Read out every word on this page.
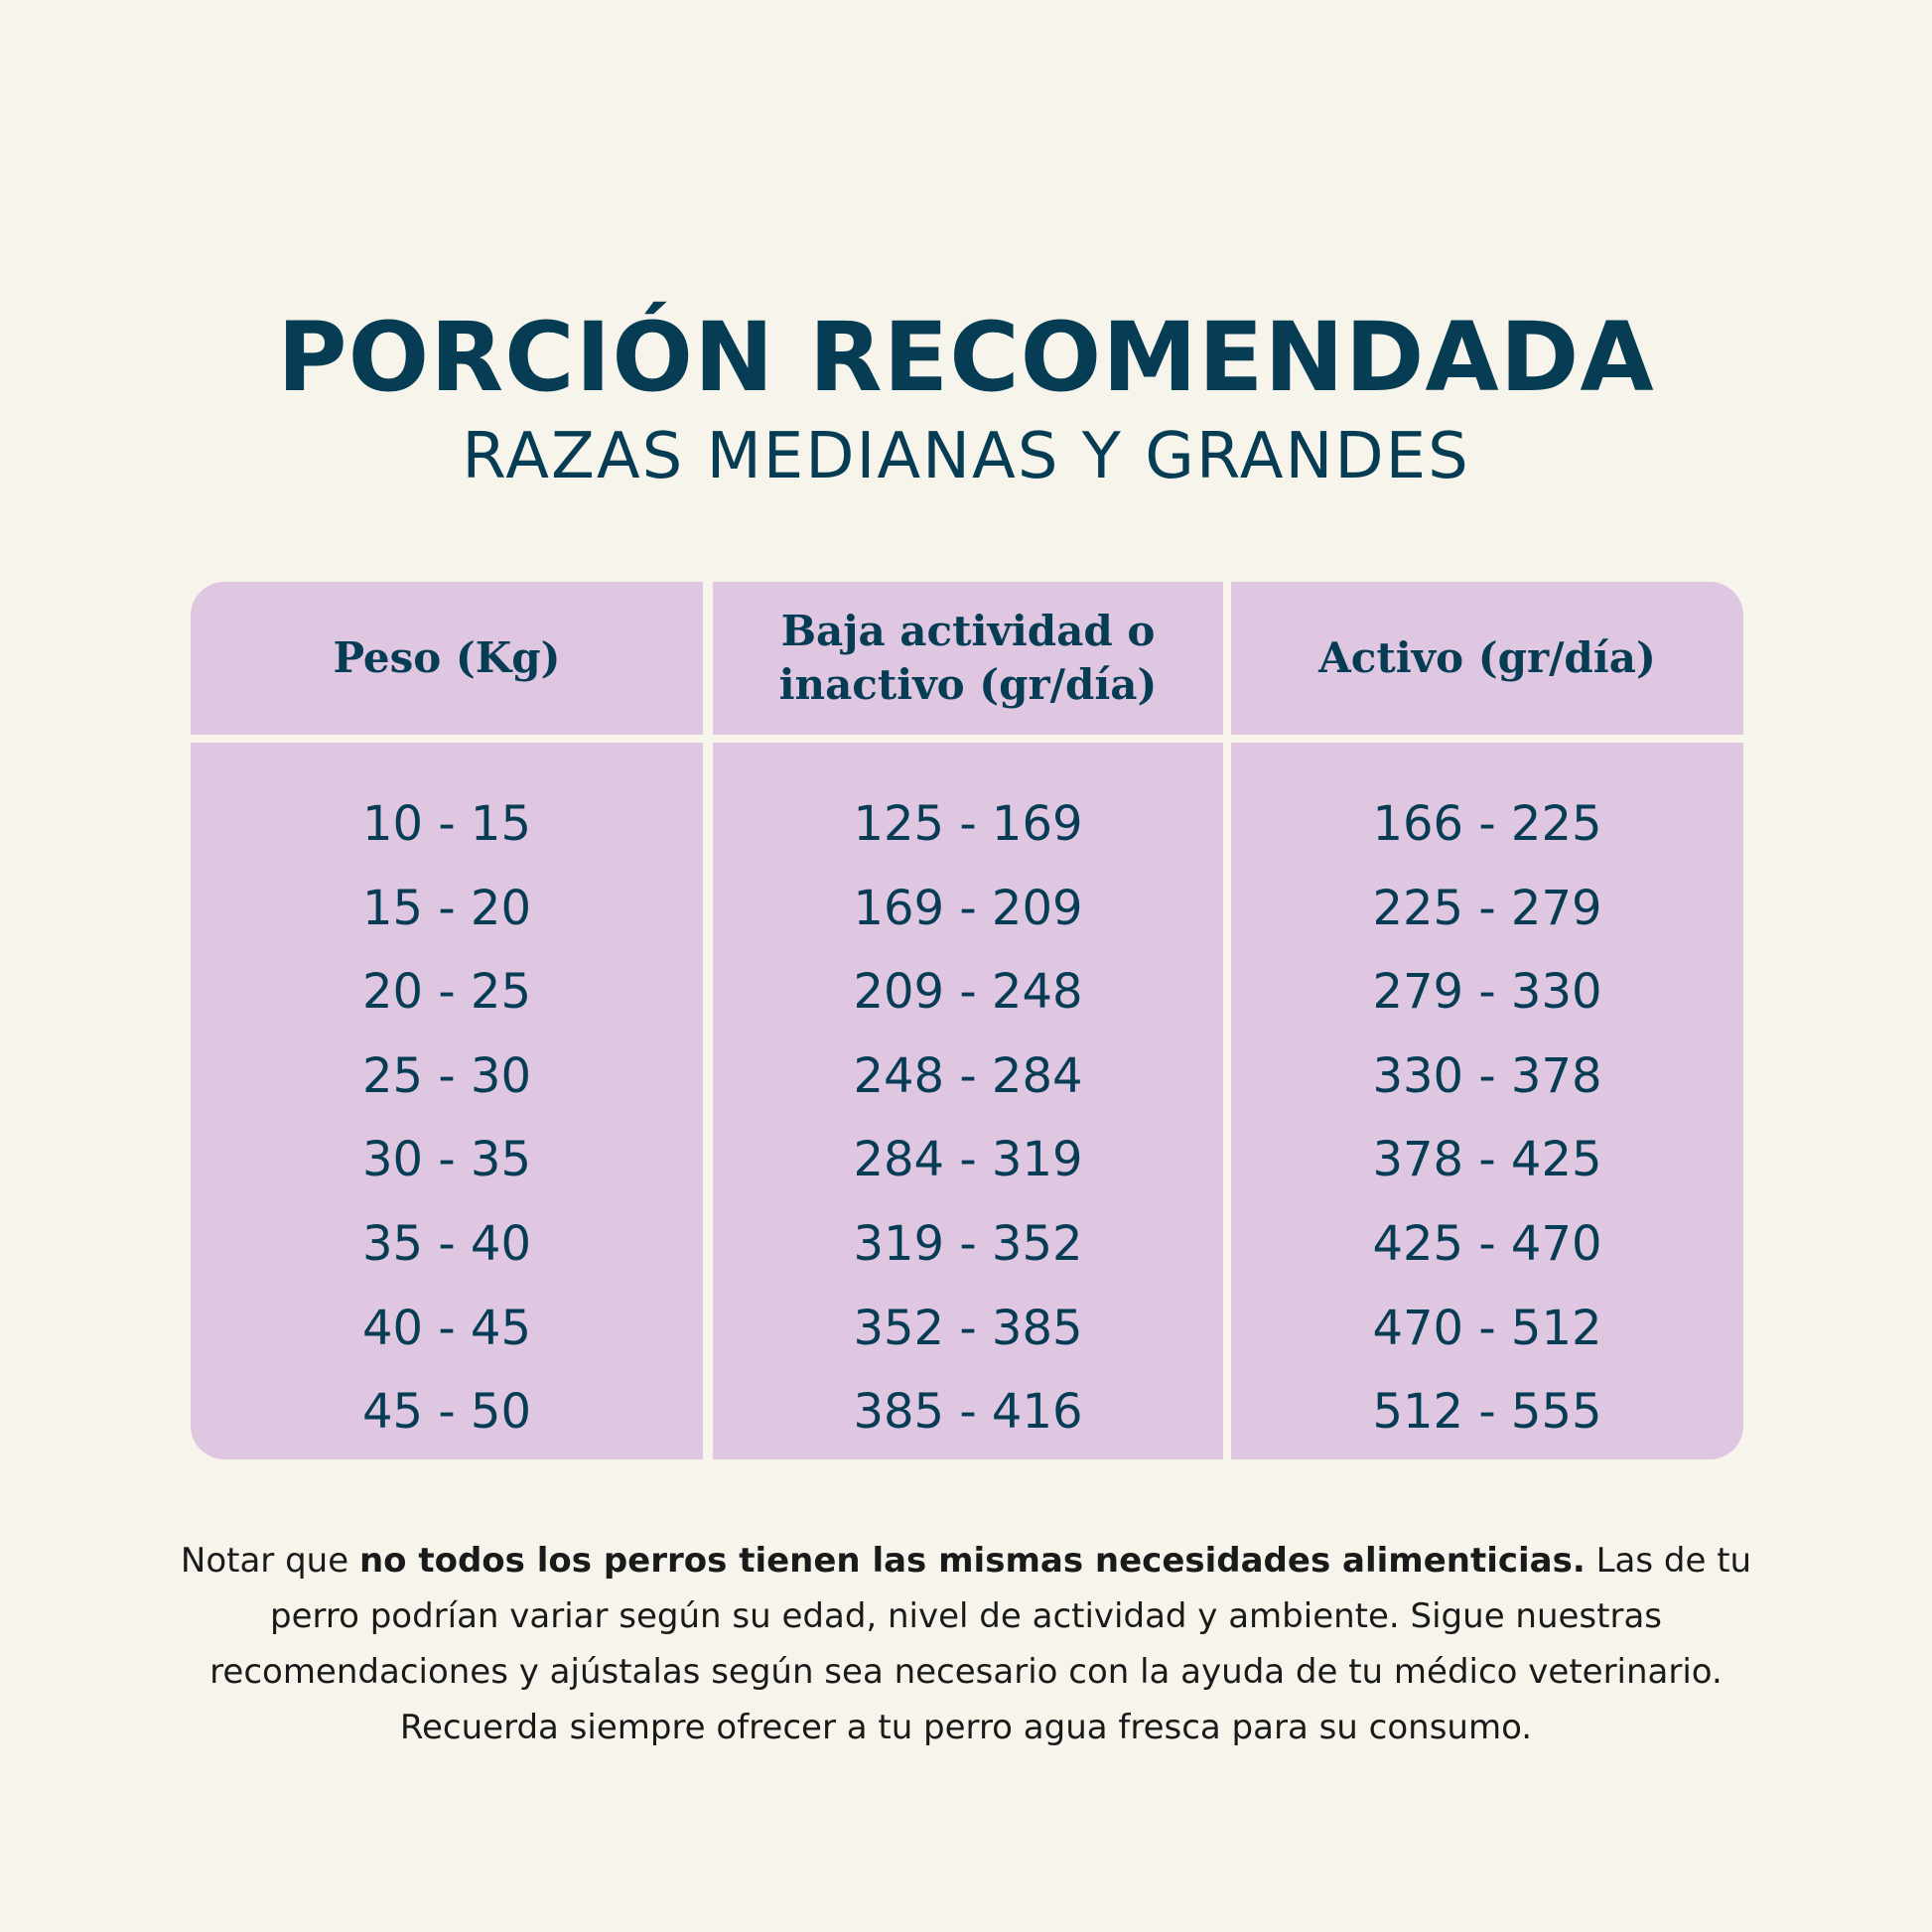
PORCIÓN RECOMENDADA
RAZAS MEDIANAS Y GRANDES
Peso (Kg)
10 - 15
15 - 20
20 - 25
25 - 30
30 - 35
35 - 40
40 - 45
45 - 50
Baja actividad o
inactivo (gr/día)
125 - 169
169 - 209
209 - 248
248 - 284
284 - 319
319 - 352
352 - 385
385 - 416
Activo (gr/día)
166 - 225
225 - 279
279 - 330
330 - 378
378 - 425
425 - 470
470 - 512
512 - 555

Notar que no todos los perros tienen las mismas necesidades alimenticias. Las de tu perro podrían variar según su edad, nivel de actividad y ambiente. Sigue nuestras recomendaciones y ajústalas según sea necesario con la ayuda de tu médico veterinario. Recuerda siempre ofrecer a tu perro agua fresca para su consumo.
